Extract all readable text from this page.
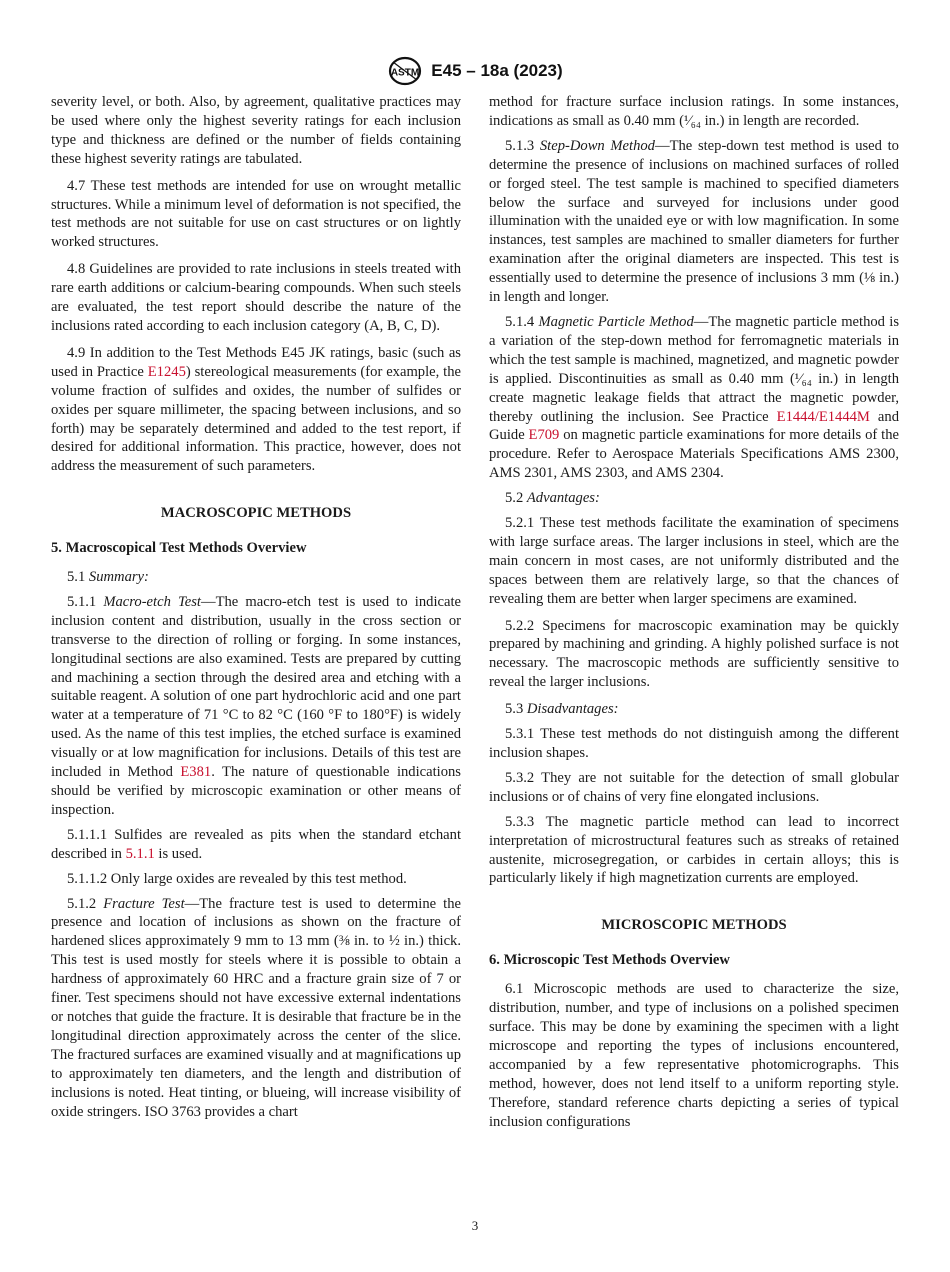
ASTM E45 – 18a (2023)

severity level, or both. Also, by agreement, qualitative practices may be used where only the highest severity ratings for each inclusion type and thickness are defined or the number of fields containing these highest severity ratings are tabulated.

4.7 These test methods are intended for use on wrought metallic structures. While a minimum level of deformation is not specified, the test methods are not suitable for use on cast structures or on lightly worked structures.

4.8 Guidelines are provided to rate inclusions in steels treated with rare earth additions or calcium-bearing compounds. When such steels are evaluated, the test report should describe the nature of the inclusions rated according to each inclusion category (A, B, C, D).

4.9 In addition to the Test Methods E45 JK ratings, basic (such as used in Practice E1245) stereological measurements (for example, the volume fraction of sulfides and oxides, the number of sulfides or oxides per square millimeter, the spacing between inclusions, and so forth) may be separately determined and added to the test report, if desired for additional information. This practice, however, does not address the measurement of such parameters.

MACROSCOPIC METHODS
5. Macroscopical Test Methods Overview

5.1 Summary:

5.1.1 Macro-etch Test—The macro-etch test is used to indicate inclusion content and distribution, usually in the cross section or transverse to the direction of rolling or forging. In some instances, longitudinal sections are also examined. Tests are prepared by cutting and machining a section through the desired area and etching with a suitable reagent. A solution of one part hydrochloric acid and one part water at a temperature of 71 °C to 82 °C (160 °F to 180°F) is widely used. As the name of this test implies, the etched surface is examined visually or at low magnification for inclusions. Details of this test are included in Method E381. The nature of questionable indications should be verified by microscopic examination or other means of inspection.

5.1.1.1 Sulfides are revealed as pits when the standard etchant described in 5.1.1 is used.

5.1.1.2 Only large oxides are revealed by this test method.

5.1.2 Fracture Test—The fracture test is used to determine the presence and location of inclusions as shown on the fracture of hardened slices approximately 9 mm to 13 mm (⅜ in. to ½ in.) thick. This test is used mostly for steels where it is possible to obtain a hardness of approximately 60 HRC and a fracture grain size of 7 or finer. Test specimens should not have excessive external indentations or notches that guide the fracture. It is desirable that fracture be in the longitudinal direction approximately across the center of the slice. The fractured surfaces are examined visually and at magnifications up to approximately ten diameters, and the length and distribution of inclusions is noted. Heat tinting, or blueing, will increase visibility of oxide stringers. ISO 3763 provides a chart

method for fracture surface inclusion ratings. In some instances, indications as small as 0.40 mm (¹⁄₆₄ in.) in length are recorded.

5.1.3 Step-Down Method—The step-down test method is used to determine the presence of inclusions on machined surfaces of rolled or forged steel. The test sample is machined to specified diameters below the surface and surveyed for inclusions under good illumination with the unaided eye or with low magnification. In some instances, test samples are machined to smaller diameters for further examination after the original diameters are inspected. This test is essentially used to determine the presence of inclusions 3 mm (⅛ in.) in length and longer.

5.1.4 Magnetic Particle Method—The magnetic particle method is a variation of the step-down method for ferromagnetic materials in which the test sample is machined, magnetized, and magnetic powder is applied. Discontinuities as small as 0.40 mm (¹⁄₆₄ in.) in length create magnetic leakage fields that attract the magnetic powder, thereby outlining the inclusion. See Practice E1444/E1444M and Guide E709 on magnetic particle examinations for more details of the procedure. Refer to Aerospace Materials Specifications AMS 2300, AMS 2301, AMS 2303, and AMS 2304.

5.2 Advantages:

5.2.1 These test methods facilitate the examination of specimens with large surface areas. The larger inclusions in steel, which are the main concern in most cases, are not uniformly distributed and the spaces between them are relatively large, so that the chances of revealing them are better when larger specimens are examined.

5.2.2 Specimens for macroscopic examination may be quickly prepared by machining and grinding. A highly polished surface is not necessary. The macroscopic methods are sufficiently sensitive to reveal the larger inclusions.

5.3 Disadvantages:

5.3.1 These test methods do not distinguish among the different inclusion shapes.

5.3.2 They are not suitable for the detection of small globular inclusions or of chains of very fine elongated inclusions.

5.3.3 The magnetic particle method can lead to incorrect interpretation of microstructural features such as streaks of retained austenite, microsegregation, or carbides in certain alloys; this is particularly likely if high magnetization currents are employed.

MICROSCOPIC METHODS
6. Microscopic Test Methods Overview

6.1 Microscopic methods are used to characterize the size, distribution, number, and type of inclusions on a polished specimen surface. This may be done by examining the specimen with a light microscope and reporting the types of inclusions encountered, accompanied by a few representative photomicrographs. This method, however, does not lend itself to a uniform reporting style. Therefore, standard reference charts depicting a series of typical inclusion configurations

3
